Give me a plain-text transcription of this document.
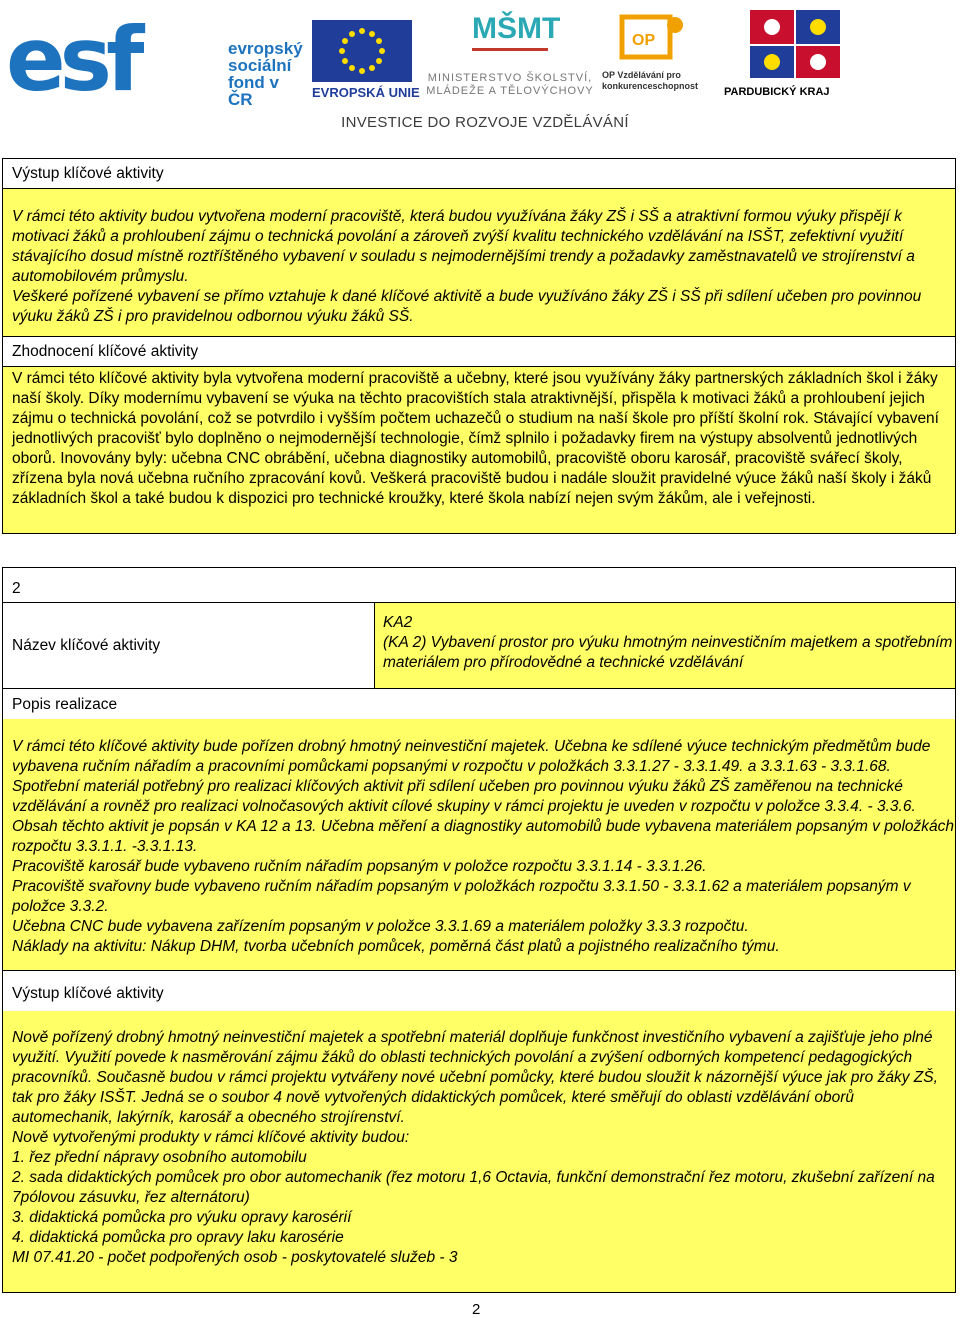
esf	evropský sociální fond v ČR	EVROPSKÁ UNIE
MŠMT
MINISTERSTVO ŠKOLSTVÍ, MLÁDEŽE A TĚLOVÝCHOVY
OP
OP Vzdělávání pro konkurenceschopnost	PARDUBICKÝ KRAJ
INVESTICE DO ROZVOJE VZDĚLÁVÁNÍ
Výstup klíčové aktivity

V rámci této aktivity budou vytvořena moderní pracoviště, která budou využívána žáky ZŠ i SŠ a atraktivní formou výuky přispějí k motivaci žáků a prohloubení zájmu o technická povolání a zároveň zvýší kvalitu technického vzdělávání na ISŠT, zefektivní využití stávajícího dosud místně roztříštěného vybavení v souladu s nejmodernějšími trendy a požadavky zaměstnavatelů ve strojírenství a automobilovém průmyslu.

Veškeré pořízené vybavení se přímo vztahuje k dané klíčové aktivitě a bude využíváno žáky ZŠ i SŠ při sdílení učeben pro povinnou výuku žáků ZŠ i pro pravidelnou odbornou výuku žáků SŠ.

Zhodnocení klíčové aktivity

V rámci této klíčové aktivity byla vytvořena moderní pracoviště a učebny, které jsou využívány žáky partnerských základních škol i žáky naší školy. Díky modernímu vybavení se výuka na těchto pracovištích stala atraktivnější, přispěla k motivaci žáků a prohloubení jejich zájmu o technická povolání, což se potvrdilo i vyšším počtem uchazečů o studium na naší škole pro příští školní rok. Stávající vybavení jednotlivých pracovišť bylo doplněno o nejmodernější technologie, čímž splnilo i požadavky firem na výstupy absolventů jednotlivých oborů. Inovovány byly: učebna CNC obrábění, učebna diagnostiky automobilů, pracoviště oboru karosář, pracoviště svářecí školy, zřízena byla nová učebna ručního zpracování kovů. Veškerá pracoviště budou i nadále sloužit pravidelné výuce žáků naší školy i žáků základních škol a také budou k dispozici pro technické kroužky, které škola nabízí nejen svým žákům, ale i veřejnosti.

2
Název klíčové aktivity

KA2

(KA 2) Vybavení prostor pro výuku hmotným neinvestičním majetkem a spotřebním materiálem pro přírodovědné a technické vzdělávání

Popis realizace

V rámci této klíčové aktivity bude pořízen drobný hmotný neinvestiční majetek. Učebna ke sdílené výuce technickým předmětům bude vybavena ručním nářadím a pracovními pomůckami popsanými v rozpočtu v položkách 3.3.1.27 - 3.3.1.49. a 3.3.1.63 - 3.3.1.68. Spotřební materiál potřebný pro realizaci klíčových aktivit při sdílení učeben pro povinnou výuku žáků ZŠ zaměřenou na technické vzdělávání a rovněž pro realizaci volnočasových aktivit cílové skupiny v rámci projektu je uveden v rozpočtu v položce 3.3.4. - 3.3.6. Obsah těchto aktivit je popsán v KA 12 a 13. Učebna měření a diagnostiky automobilů bude vybavena materiálem popsaným v položkách rozpočtu 3.3.1.1. -3.3.1.13.

Pracoviště karosář bude vybaveno ručním nářadím popsaným v položce rozpočtu 3.3.1.14 - 3.3.1.26.

Pracoviště svařovny bude vybaveno ručním nářadím popsaným v položkách rozpočtu 3.3.1.50 - 3.3.1.62 a materiálem popsaným v položce 3.3.2.

Učebna CNC bude vybavena zařízením popsaným v položce 3.3.1.69 a materiálem položky 3.3.3 rozpočtu.

Náklady na aktivitu: Nákup DHM, tvorba učebních pomůcek, poměrná část platů a pojistného realizačního týmu.

Výstup klíčové aktivity

Nově pořízený drobný hmotný neinvestiční majetek a spotřební materiál doplňuje funkčnost investičního vybavení a zajišťuje jeho plné využití. Využití povede k nasměrování zájmu žáků do oblasti technických povolání a zvýšení odborných kompetencí pedagogických pracovníků. Současně budou v rámci projektu vytvářeny nové učební pomůcky, které budou sloužit k názornější výuce jak pro žáky ZŠ, tak pro žáky ISŠT. Jedná se o soubor 4 nově vytvořených didaktických pomůcek, které směřují do oblasti vzdělávání oborů automechanik, lakýrník, karosář a obecného strojírenství.

Nově vytvořenými produkty v rámci klíčové aktivity budou:

1. řez přední nápravy osobního automobilu

2. sada didaktických pomůcek pro obor automechanik (řez motoru 1,6 Octavia, funkční demonstrační řez motoru, zkušební zařízení na 7pólovou zásuvku, řez alternátoru)

3. didaktická pomůcka pro výuku opravy karosérií

4. didaktická pomůcka pro opravy laku karosérie

MI 07.41.20 - počet podpořených osob - poskytovatelé služeb - 3

2
